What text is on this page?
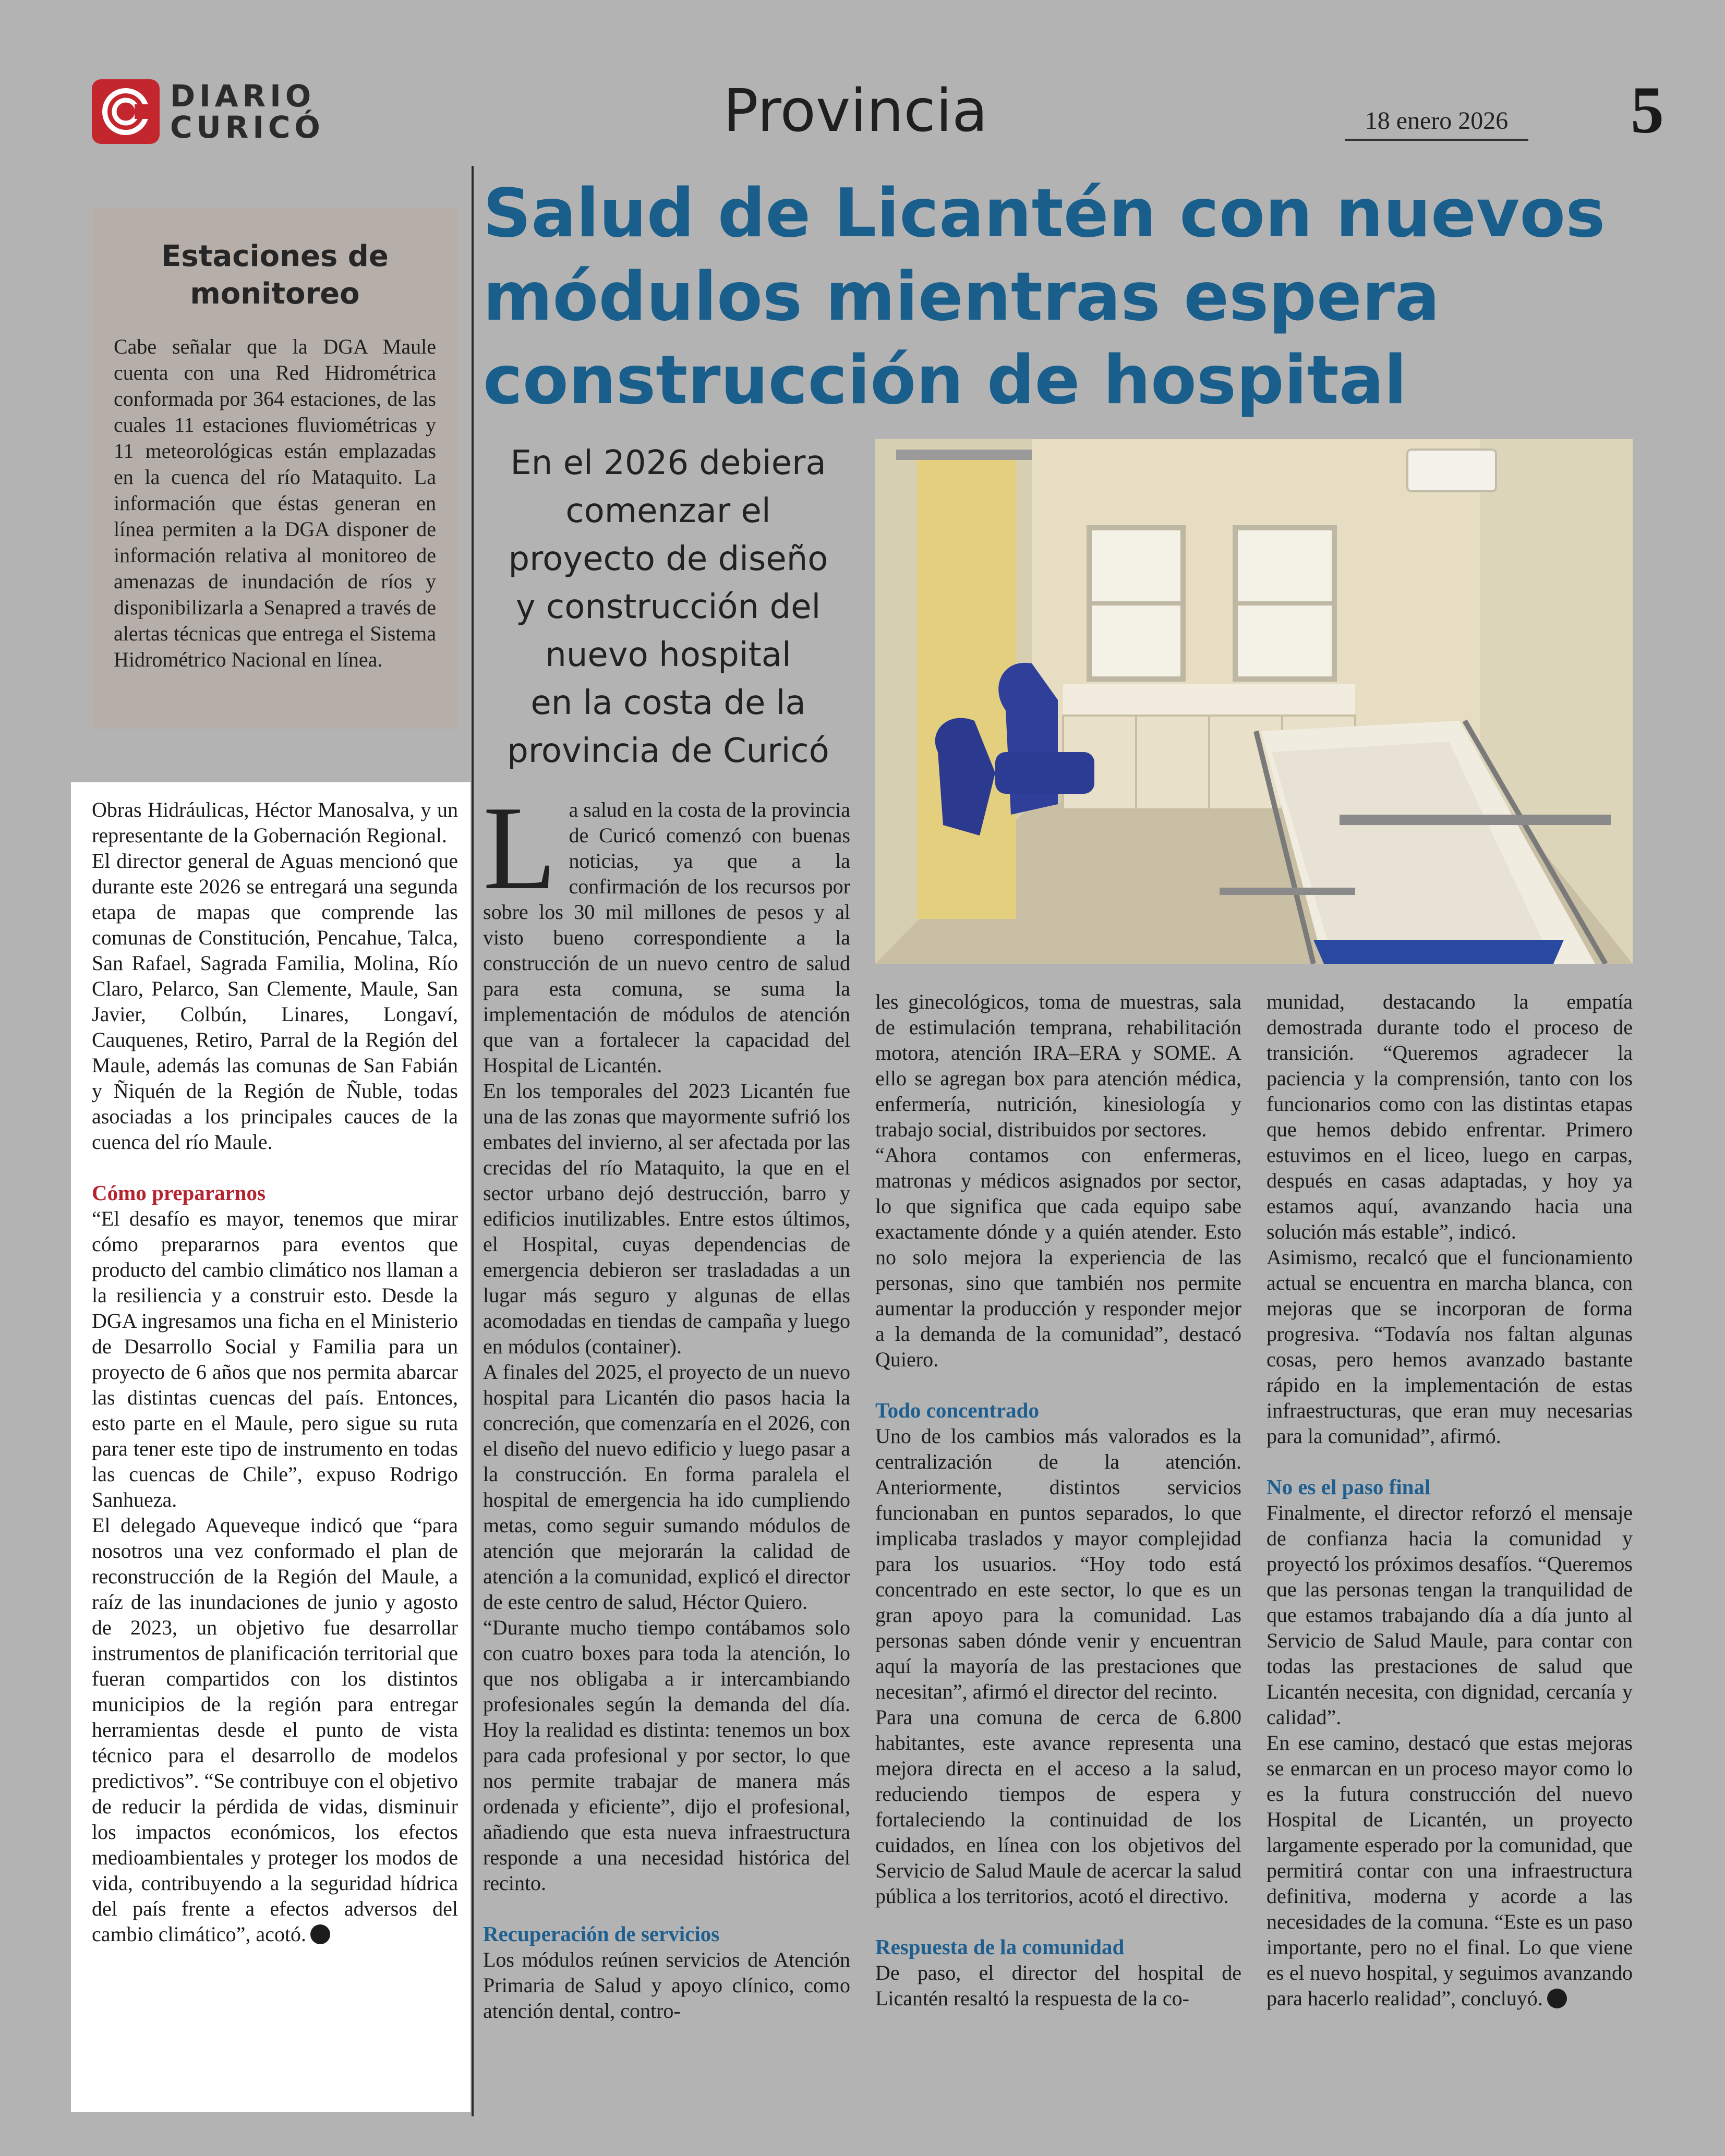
DIARIO
CURICÓ	Provincia	18 enero 2026	5
Estaciones de monitoreo

Cabe señalar que la DGA Maule cuenta con una Red Hidrométrica conformada por 364 estaciones, de las cuales 11 estaciones fluviométricas y 11 meteorológicas están emplazadas en la cuenca del río Mataquito. La información que éstas generan en línea permiten a la DGA disponer de información relativa al monitoreo de amenazas de inundación de ríos y disponibilizarla a Senapred a través de alertas técnicas que entrega el Sistema Hidrométrico Nacional en línea.

Salud de Licantén con nuevos
módulos mientras espera
construcción de hospital
En el 2026 debiera
comenzar el
proyecto de diseño
y construcción del
nuevo hospital
en la costa de la
provincia de Curicó

Obras Hidráulicas, Héctor Manosalva, y un representante de la Gobernación Regional.

El director general de Aguas mencionó que durante este 2026 se entregará una segunda etapa de mapas que comprende las comunas de Constitución, Pencahue, Talca, San Rafael, Sagrada Familia, Molina, Río Claro, Pelarco, San Clemente, Maule, San Javier, Colbún, Linares, Longaví, Cauquenes, Retiro, Parral de la Región del Maule, además las comunas de San Fabián y Ñiquén de la Región de Ñuble, todas asociadas a los principales cauces de la cuenca del río Maule.

Cómo prepararnos

“El desafío es mayor, tenemos que mirar cómo prepararnos para eventos que producto del cambio climático nos llaman a la resiliencia y a construir esto. Desde la DGA ingresamos una ficha en el Ministerio de Desarrollo Social y Familia para un proyecto de 6 años que nos permita abarcar las distintas cuencas del país. Entonces, esto parte en el Maule, pero sigue su ruta para tener este tipo de instrumento en todas las cuencas de Chile”, expuso Rodrigo Sanhueza.

El delegado Aqueveque indicó que “para nosotros una vez conformado el plan de reconstrucción de la Región del Maule, a raíz de las inundaciones de junio y agosto de 2023, un objetivo fue desarrollar instrumentos de planificación territorial que fueran compartidos con los distintos municipios de la región para entregar herramientas desde el punto de vista técnico para el desarrollo de modelos predictivos”. “Se contribuye con el objetivo de reducir la pérdida de vidas, disminuir los impactos económicos, los efectos medioambientales y proteger los modos de vida, contribuyendo a la seguridad hídrica del país frente a efectos adversos del cambio climático”, acotó.

La salud en la costa de la provincia de Curicó comenzó con buenas noticias, ya que a la confirmación de los recursos por sobre los 30 mil millones de pesos y al visto bueno correspondiente a la construcción de un nuevo centro de salud para esta comuna, se suma la implementación de módulos de atención que van a fortalecer la capacidad del Hospital de Licantén.

En los temporales del 2023 Licantén fue una de las zonas que mayormente sufrió los embates del invierno, al ser afectada por las crecidas del río Mataquito, la que en el sector urbano dejó destrucción, barro y edificios inutilizables. Entre estos últimos, el Hospital, cuyas dependencias de emergencia debieron ser trasladadas a un lugar más seguro y algunas de ellas acomodadas en tiendas de campaña y luego en módulos (container).

A finales del 2025, el proyecto de un nuevo hospital para Licantén dio pasos hacia la concreción, que comenzaría en el 2026, con el diseño del nuevo edificio y luego pasar a la construcción. En forma paralela el hospital de emergencia ha ido cumpliendo metas, como seguir sumando módulos de atención que mejorarán la calidad de atención a la comunidad, explicó el director de este centro de salud, Héctor Quiero.

“Durante mucho tiempo contábamos solo con cuatro boxes para toda la atención, lo que nos obligaba a ir intercambiando profesionales según la demanda del día. Hoy la realidad es distinta: tenemos un box para cada profesional y por sector, lo que nos permite trabajar de manera más ordenada y eficiente”, dijo el profesional, añadiendo que esta nueva infraestructura responde a una necesidad histórica del recinto.

Recuperación de servicios

Los módulos reúnen servicios de Atención Primaria de Salud y apoyo clínico, como atención dental, contro-

les ginecológicos, toma de muestras, sala de estimulación temprana, rehabilitación motora, atención IRA–ERA y SOME. A ello se agregan box para atención médica, enfermería, nutrición, kinesiología y trabajo social, distribuidos por sectores.

“Ahora contamos con enfermeras, matronas y médicos asignados por sector, lo que significa que cada equipo sabe exactamente dónde y a quién atender. Esto no solo mejora la experiencia de las personas, sino que también nos permite aumentar la producción y responder mejor a la demanda de la comunidad”, destacó Quiero.

Todo concentrado

Uno de los cambios más valorados es la centralización de la atención. Anteriormente, distintos servicios funcionaban en puntos separados, lo que implicaba traslados y mayor complejidad para los usuarios. “Hoy todo está concentrado en este sector, lo que es un gran apoyo para la comunidad. Las personas saben dónde venir y encuentran aquí la mayoría de las prestaciones que necesitan”, afirmó el director del recinto.

Para una comuna de cerca de 6.800 habitantes, este avance representa una mejora directa en el acceso a la salud, reduciendo tiempos de espera y fortaleciendo la continuidad de los cuidados, en línea con los objetivos del Servicio de Salud Maule de acercar la salud pública a los territorios, acotó el directivo.

Respuesta de la comunidad

De paso, el director del hospital de Licantén resaltó la respuesta de la co-

munidad, destacando la empatía demostrada durante todo el proceso de transición. “Queremos agradecer la paciencia y la comprensión, tanto con los funcionarios como con las distintas etapas que hemos debido enfrentar. Primero estuvimos en el liceo, luego en carpas, después en casas adaptadas, y hoy ya estamos aquí, avanzando hacia una solución más estable”, indicó.

Asimismo, recalcó que el funcionamiento actual se encuentra en marcha blanca, con mejoras que se incorporan de forma progresiva. “Todavía nos faltan algunas cosas, pero hemos avanzado bastante rápido en la implementación de estas infraestructuras, que eran muy necesarias para la comunidad”, afirmó.

No es el paso final

Finalmente, el director reforzó el mensaje de confianza hacia la comunidad y proyectó los próximos desafíos. “Queremos que las personas tengan la tranquilidad de que estamos trabajando día a día junto al Servicio de Salud Maule, para contar con todas las prestaciones de salud que Licantén necesita, con dignidad, cercanía y calidad”.

En ese camino, destacó que estas mejoras se enmarcan en un proceso mayor como lo es la futura construcción del nuevo Hospital de Licantén, un proyecto largamente esperado por la comunidad, que permitirá contar con una infraestructura definitiva, moderna y acorde a las necesidades de la comuna. “Este es un paso importante, pero no el final. Lo que viene es el nuevo hospital, y seguimos avanzando para hacerlo realidad”, concluyó.
